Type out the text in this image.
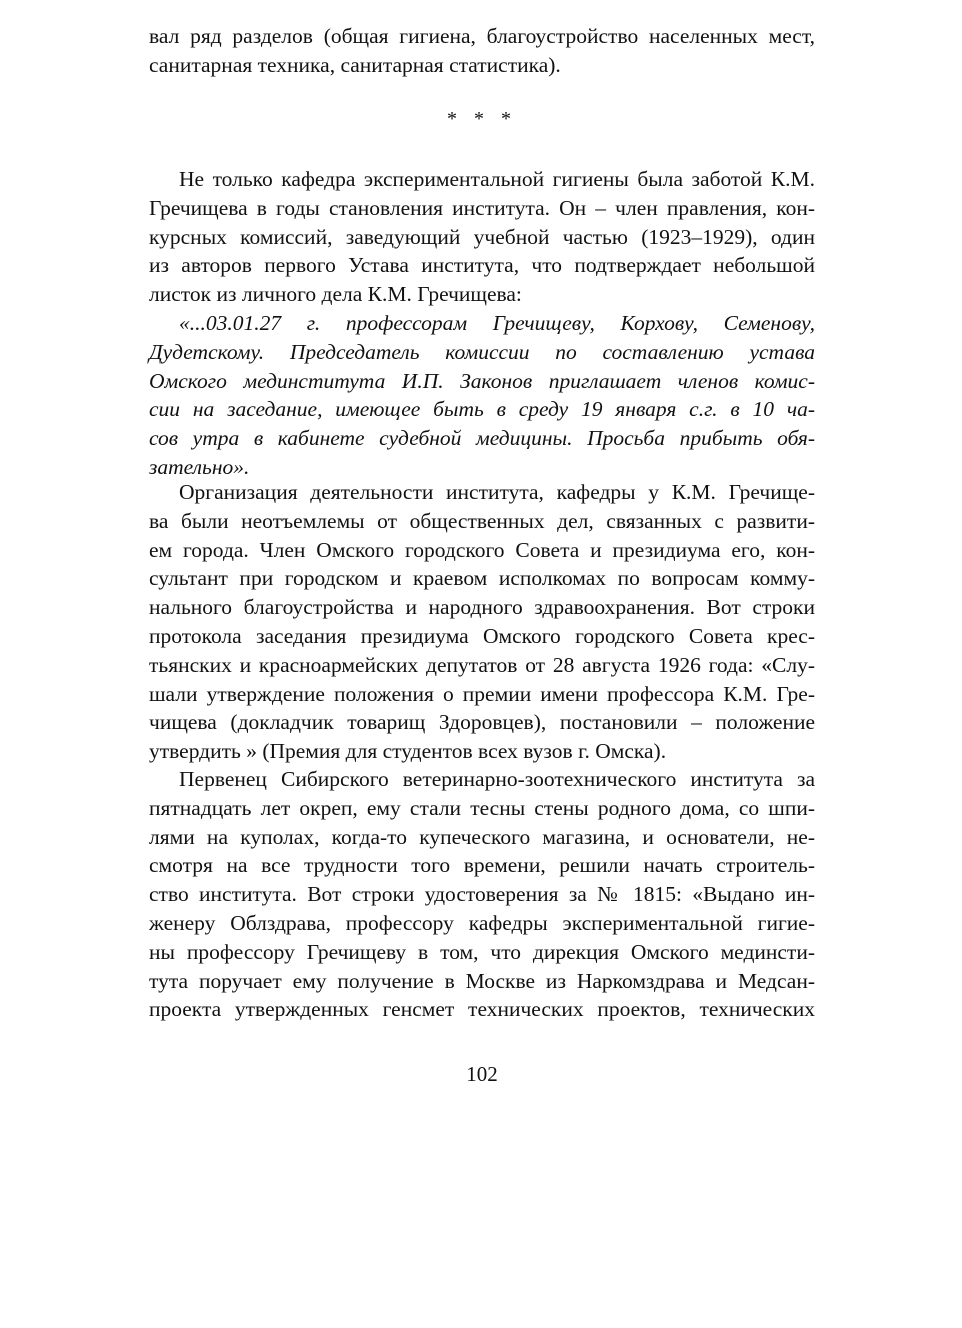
вал ряд разделов (общая гигиена, благоустройство населенных мест,
санитарная техника, санитарная статистика).
* * *
Не только кафедра экспериментальной гигиены была заботой К.М.
Гречищева в годы становления института. Он – член правления, кон-
курсных комиссий, заведующий учебной частью (1923–1929), один
из авторов первого Устава института, что подтверждает небольшой
листок из личного дела К.М. Гречищева:
«...03.01.27 г. профессорам Гречищеву, Корхову, Семенову,
Дудетскому. Председатель комиссии по составлению устава
Омского мединститута И.П. Законов приглашает членов комис-
сии на заседание, имеющее быть в среду 19 января с.г. в 10 ча-
сов утра в кабинете судебной медицины. Просьба прибыть обя-
зательно».
Организация деятельности института, кафедры у К.М. Гречище-
ва были неотъемлемы от общественных дел, связанных с развити-
ем города. Член Омского городского Совета и президиума его, кон-
сультант при городском и краевом исполкомах по вопросам комму-
нального благоустройства и народного здравоохранения. Вот строки
протокола заседания президиума Омского городского Совета крес-
тьянских и красноармейских депутатов от 28 августа 1926 года: «Слу-
шали утверждение положения о премии имени профессора К.М. Гре-
чищева (докладчик товарищ Здоровцев), постановили – положение
утвердить » (Премия для студентов всех вузов г. Омска).
Первенец Сибирского ветеринарно-зоотехнического института за
пятнадцать лет окреп, ему стали тесны стены родного дома, со шпи-
лями на куполах, когда-то купеческого магазина, и основатели, не-
смотря на все трудности того времени, решили начать строитель-
ство института. Вот строки удостоверения за № 1815: «Выдано ин-
женеру Облздрава, профессору кафедры экспериментальной гигие-
ны профессору Гречищеву в том, что дирекция Омского мединсти-
тута поручает ему получение в Москве из Наркомздрава и Медсан-
проекта утвержденных генсмет технических проектов, технических
102
